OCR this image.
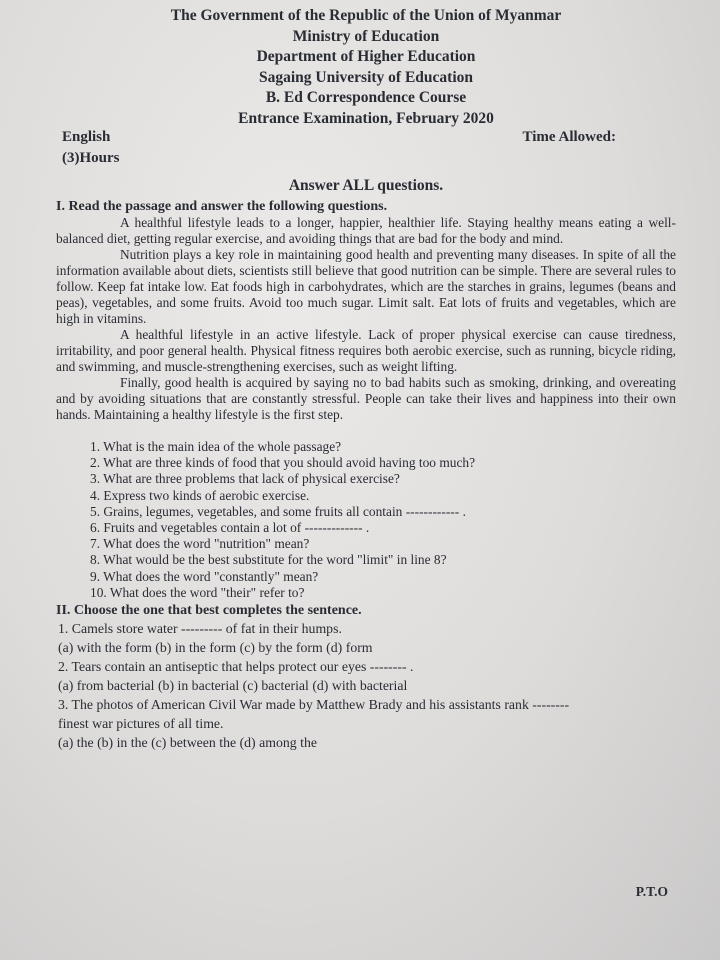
The Government of the Republic of the Union of Myanmar
Ministry of Education
Department of Higher Education
Sagaing University of Education
B. Ed Correspondence Course
Entrance Examination, February 2020
English
(3)Hours
Time Allowed:
Answer ALL questions.
I. Read the passage and answer the following questions.

A healthful lifestyle leads to a longer, happier, healthier life. Staying healthy means eating a well-balanced diet, getting regular exercise, and avoiding things that are bad for the body and mind.

Nutrition plays a key role in maintaining good health and preventing many diseases. In spite of all the information available about diets, scientists still believe that good nutrition can be simple. There are several rules to follow. Keep fat intake low. Eat foods high in carbohydrates, which are the starches in grains, legumes (beans and peas), vegetables, and some fruits. Avoid too much sugar. Limit salt. Eat lots of fruits and vegetables, which are high in vitamins.

A healthful lifestyle in an active lifestyle. Lack of proper physical exercise can cause tiredness, irritability, and poor general health. Physical fitness requires both aerobic exercise, such as running, bicycle riding, and swimming, and muscle-strengthening exercises, such as weight lifting.

Finally, good health is acquired by saying no to bad habits such as smoking, drinking, and overeating and by avoiding situations that are constantly stressful. People can take their lives and happiness into their own hands. Maintaining a healthy lifestyle is the first step.

1. What is the main idea of the whole passage?
2. What are three kinds of food that you should avoid having too much?
3. What are three problems that lack of physical exercise?
4. Express two kinds of aerobic exercise.
5. Grains, legumes, vegetables, and some fruits all contain ------------ .
6. Fruits and vegetables contain a lot of ------------- .
7. What does the word "nutrition" mean?
8. What would be the best substitute for the word "limit" in line 8?
9. What does the word "constantly" mean?
10. What does the word "their" refer to?
II. Choose the one that best completes the sentence.
1. Camels store water --------- of fat in their humps.
(a) with the form (b) in the form (c) by the form (d) form
2. Tears contain an antiseptic that helps protect our eyes -------- .
(a) from bacterial (b) in bacterial (c) bacterial (d) with bacterial
3. The photos of American Civil War made by Matthew Brady and his assistants rank --------
finest war pictures of all time.
(a) the (b) in the (c) between the (d) among the
P.T.O
